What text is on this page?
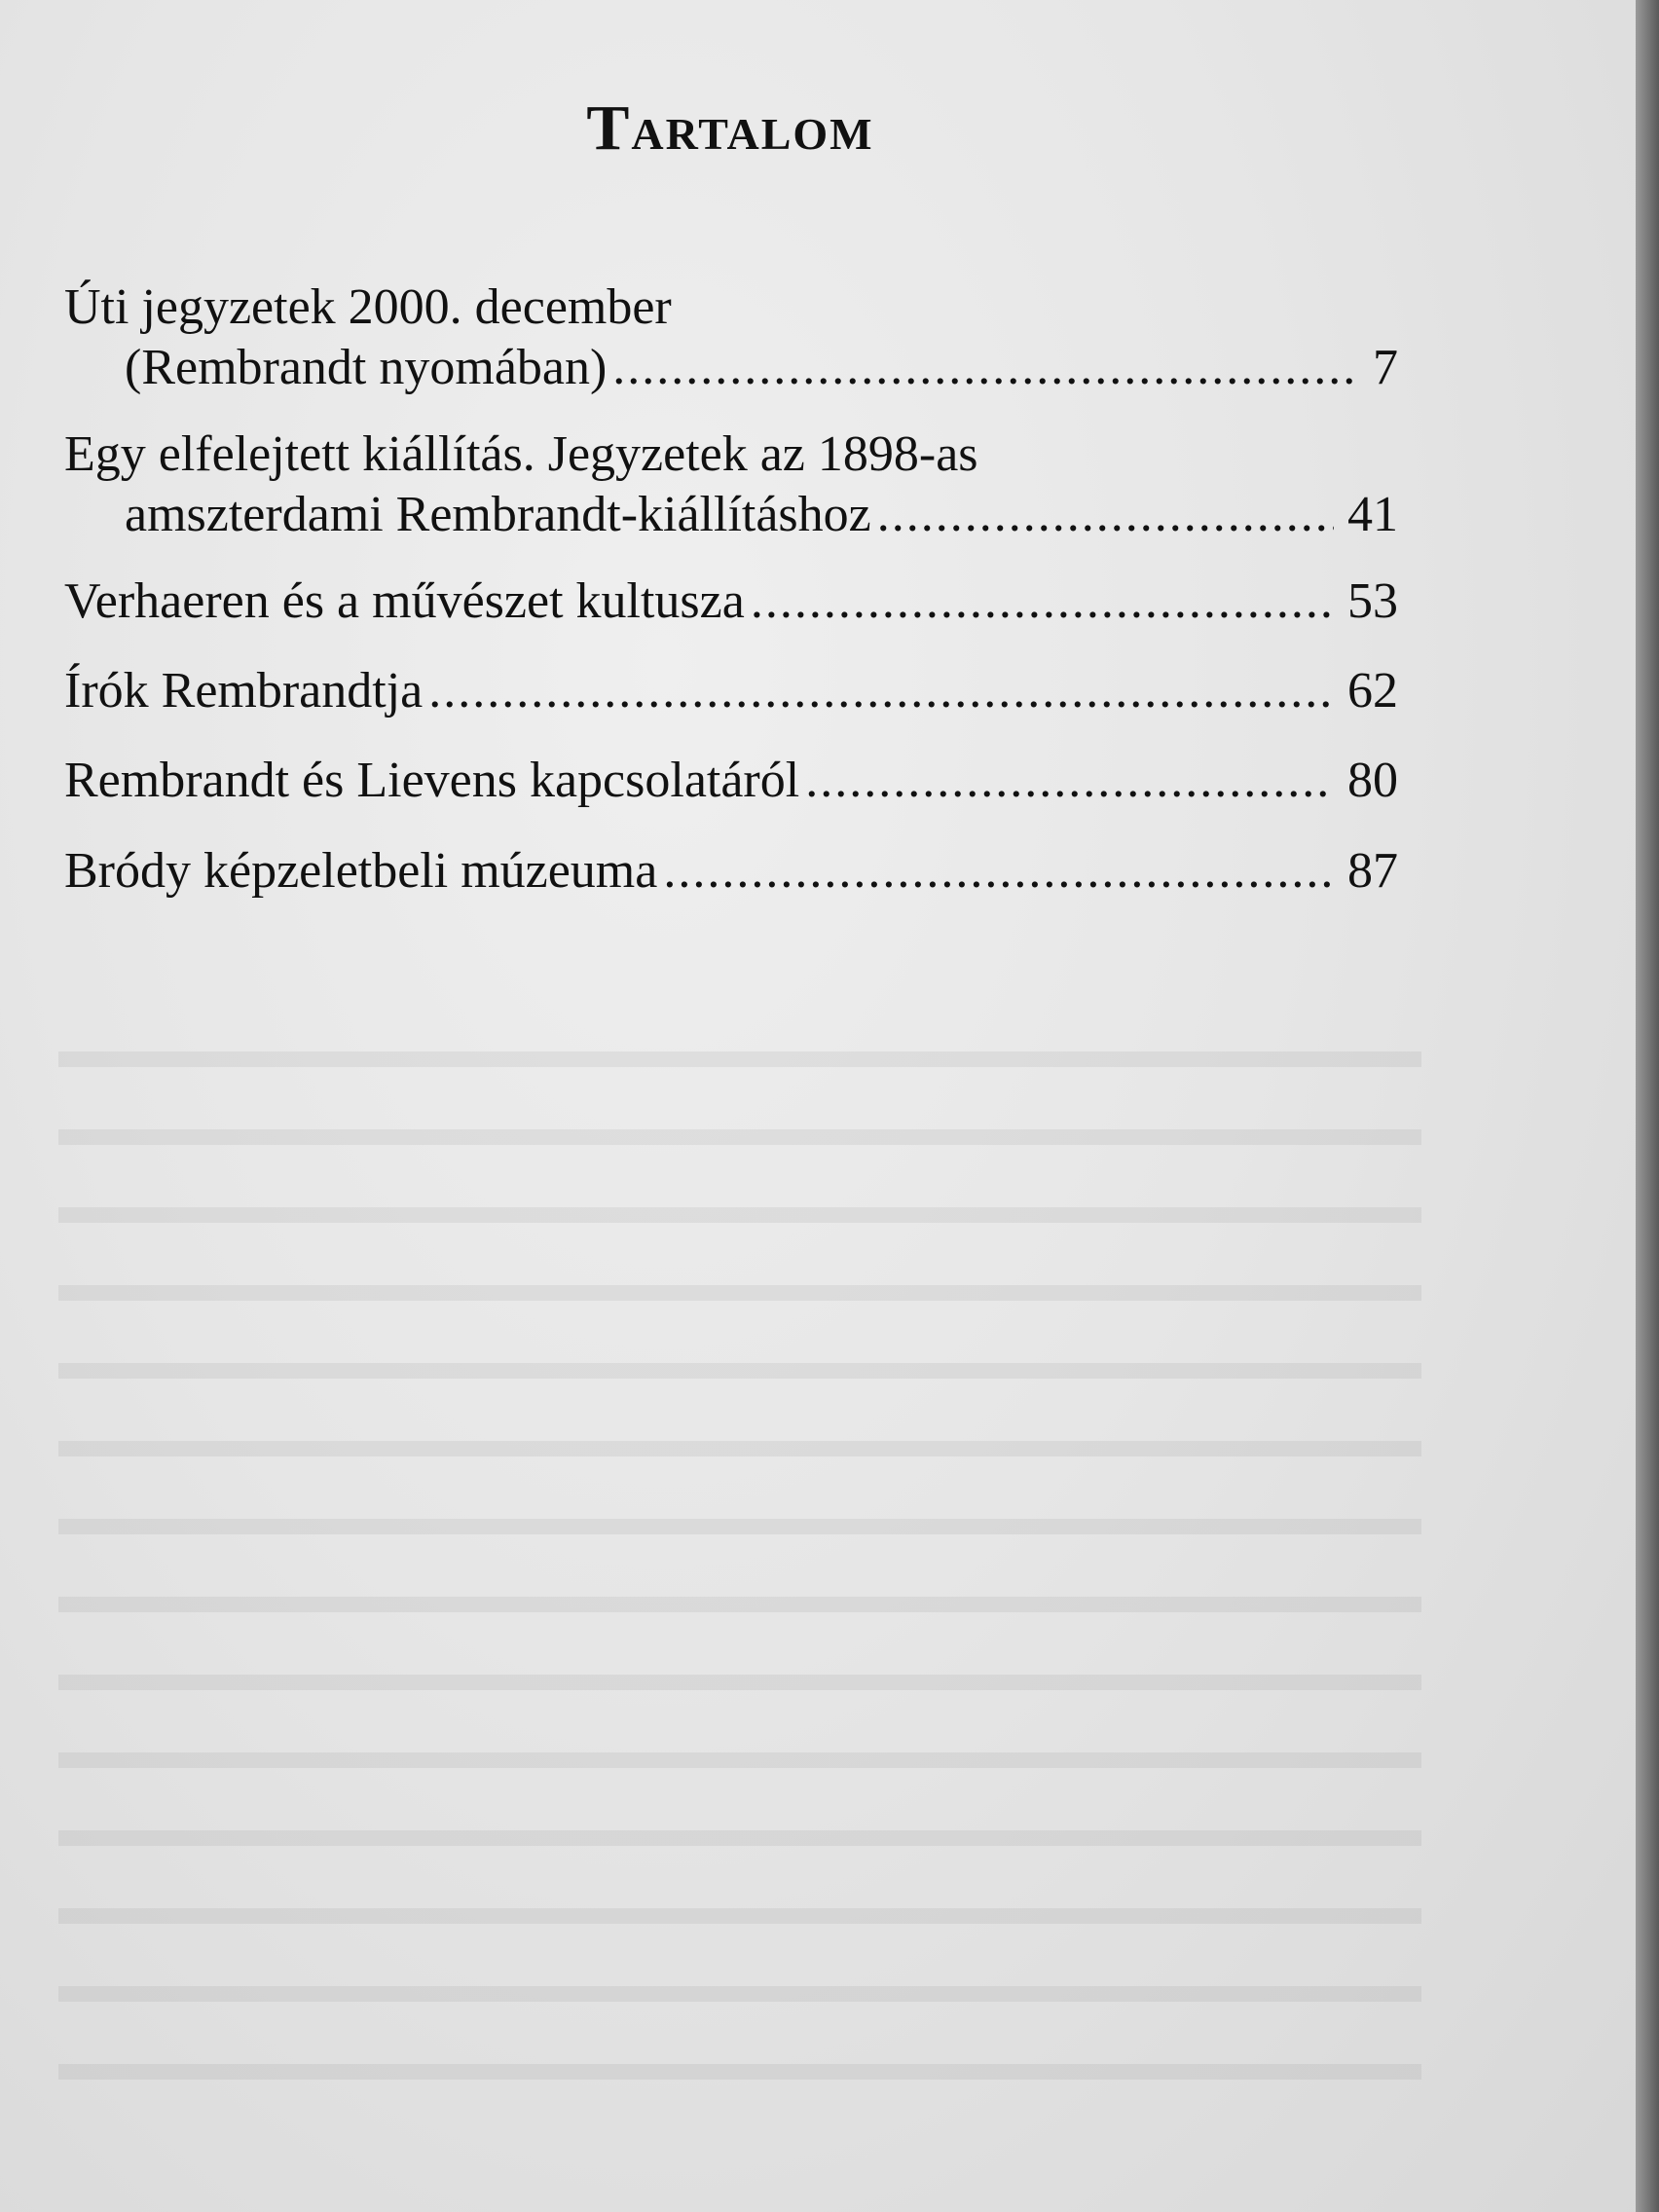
Tartalom
Úti jegyzetek 2000. december
(Rembrandt nyomában) .....	7
Egy elfelejtett kiállítás. Jegyzetek az 1898-as
amszterdami Rembrandt-kiállításhoz .....	41
Verhaeren és a művészet kultusza .....	53
Írók Rembrandtja .....	62
Rembrandt és Lievens kapcsolatáról .....	80
Bródy képzeletbeli múzeuma .....	87
